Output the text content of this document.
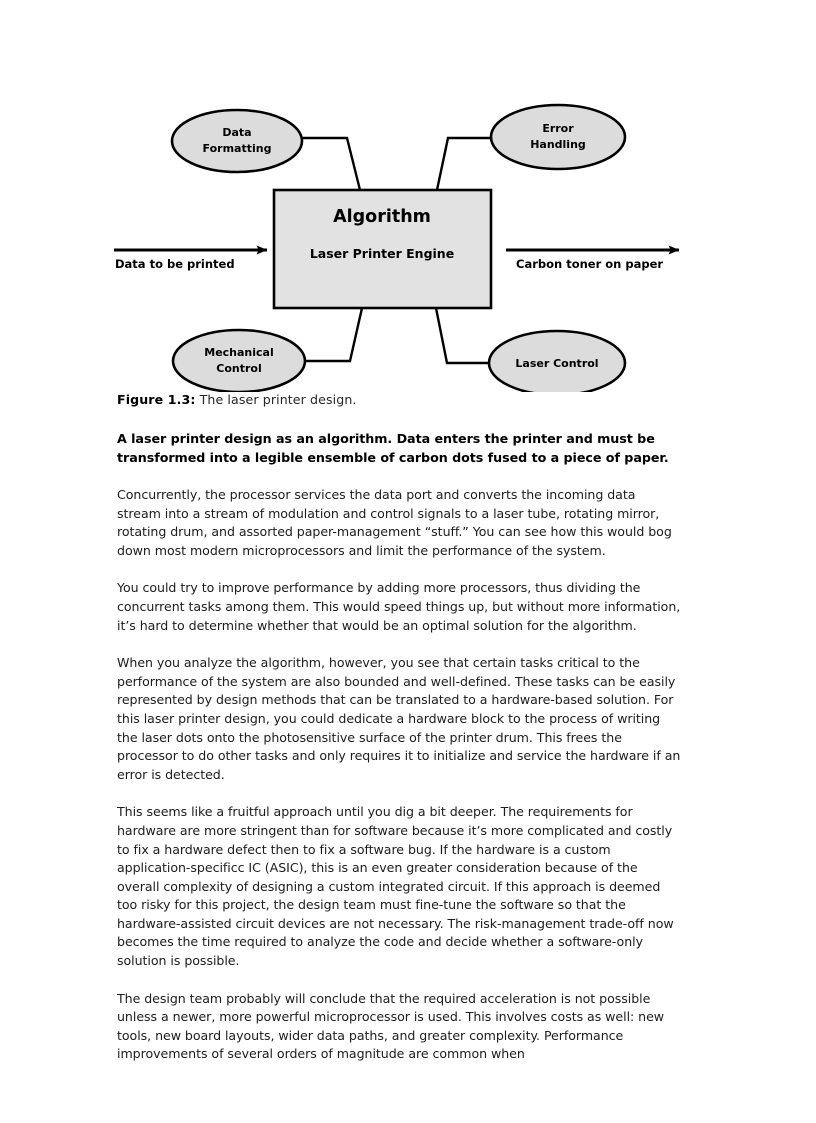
Algorithm
Laser Printer Engine
Data
Formatting
Error
Handling
Mechanical
Control	Laser Control
Data to be printed	Carbon toner on paper
Figure 1.3: The laser printer design.

A laser printer design as an algorithm. Data enters the printer and must be transformed into a legible ensemble of carbon dots fused to a piece of paper.

Concurrently, the processor services the data port and converts the incoming data stream into a stream of modulation and control signals to a laser tube, rotating mirror, rotating drum, and assorted paper-management “stuff.” You can see how this would bog down most modern microprocessors and limit the performance of the system.

You could try to improve performance by adding more processors, thus dividing the concurrent tasks among them. This would speed things up, but without more information, it’s hard to determine whether that would be an optimal solution for the algorithm.

When you analyze the algorithm, however, you see that certain tasks critical to the performance of the system are also bounded and well-defined. These tasks can be easily represented by design methods that can be translated to a hardware-based solution. For this laser printer design, you could dedicate a hardware block to the process of writing the laser dots onto the photosensitive surface of the printer drum. This frees the processor to do other tasks and only requires it to initialize and service the hardware if an error is detected.

This seems like a fruitful approach until you dig a bit deeper. The requirements for hardware are more stringent than for software because it’s more complicated and costly to fix a hardware defect then to fix a software bug. If the hardware is a custom application-specificc IC (ASIC), this is an even greater consideration because of the overall complexity of designing a custom integrated circuit. If this approach is deemed too risky for this project, the design team must fine-tune the software so that the hardware-assisted circuit devices are not necessary. The risk-management trade-off now becomes the time required to analyze the code and decide whether a software-only solution is possible.

The design team probably will conclude that the required acceleration is not possible unless a newer, more powerful microprocessor is used. This involves costs as well: new tools, new board layouts, wider data paths, and greater complexity. Performance improvements of several orders of magnitude are common when
